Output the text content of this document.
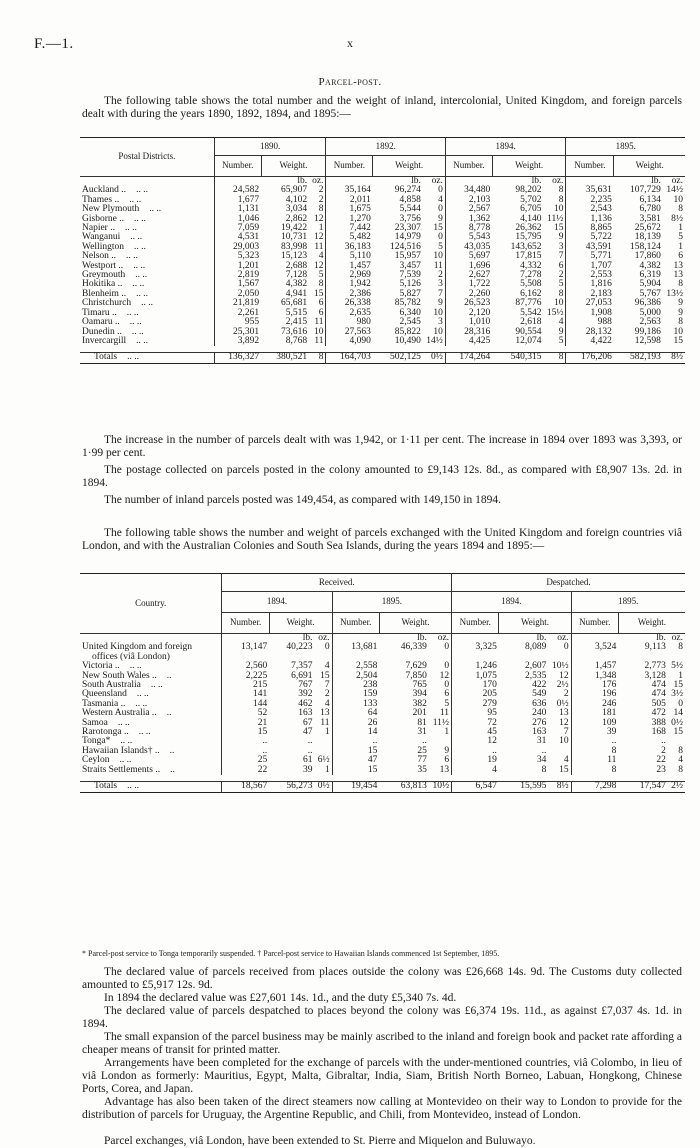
F.—1.	x
Parcel-post.
The following table shows the total number and the weight of inland, intercolonial, United Kingdom, and foreign parcels dealt with during the years 1890, 1892, 1894, and 1895:—
Postal Districts.	1890.			1892.			1894.			1895.		
	Number.	Weight.		Number.	Weight.		Number.	Weight.		Number.	Weight.	
		lb.	oz.		lb.	oz.		lb.	oz.		lb.	oz.
Auckland .. .. ..	24,582	65,907	2	35,164	96,274	0	34,480	98,202	8	35,631	107,729	14½
Thames .. .. ..	1,677	4,102	2	2,011	4,858	4	2,103	5,702	8	2,235	6,134	10
New Plymouth .. ..	1,131	3,034	8	1,675	5,544	0	2,567	6,705	10	2,543	6,780	8
Gisborne .. .. ..	1,046	2,862	12	1,270	3,756	9	1,362	4,140	11½	1,136	3,581	8½
Napier .. .. ..	7,059	19,422	1	7,442	23,307	15	8,778	26,362	15	8,865	25,672	1
Wanganui .. ..	4,531	10,731	12	5,482	14,979	0	5,543	15,795	9	5,722	18,139	5
Wellington .. ..	29,003	83,998	11	36,183	124,516	5	43,035	143,652	3	43,591	158,124	1
Nelson .. .. ..	5,323	15,123	4	5,110	15,957	10	5,697	17,815	7	5,771	17,860	6
Westport .. .. ..	1,201	2,688	12	1,457	3,457	11	1,696	4,332	6	1,707	4,382	13
Greymouth .. ..	2,819	7,128	5	2,969	7,539	2	2,627	7,278	2	2,553	6,319	13
Hokitika .. .. ..	1,567	4,382	8	1,942	5,126	3	1,722	5,508	5	1,816	5,904	8
Blenheim .. .. ..	2,050	4,941	15	2,386	5,827	7	2,260	6,162	8	2,183	5,767	13½
Christchurch .. ..	21,819	65,681	6	26,338	85,782	9	26,523	87,776	10	27,053	96,386	9
Timaru .. .. ..	2,261	5,515	6	2,635	6,340	10	2,120	5,542	15½	1,908	5,000	9
Oamaru .. .. ..	955	2,415	11	980	2,545	3	1,010	2,618	4	988	2,563	8
Dunedin .. .. ..	25,301	73,616	10	27,563	85,822	10	28,316	90,554	9	28,132	99,186	10
Invercargill .. ..	3,892	8,768	11	4,090	10,490	14½	4,425	12,074	5	4,422	12,598	15

Totals .. ..	136,327	380,521	8	164,703	502,125	0½	174,264	540,315	8	176,206	582,193	8½
The increase in the number of parcels dealt with was 1,942, or 1·11 per cent. The increase in 1894 over 1893 was 3,393, or 1·99 per cent.
The postage collected on parcels posted in the colony amounted to £9,143 12s. 8d., as compared with £8,907 13s. 2d. in 1894.
The number of inland parcels posted was 149,454, as compared with 149,150 in 1894.
The following table shows the number and weight of parcels exchanged with the United Kingdom and foreign countries viâ London, and with the Australian Colonies and South Sea Islands, during the years 1894 and 1895:—
Country.	Received.						Despatched.					
	1894.			1895.			1894.			1895.		
	Number.	Weight.		Number.	Weight.		Number.	Weight.		Number.	Weight.	
		lb.	oz.		lb.	oz.		lb.	oz.		lb.	oz.
United Kingdom and foreign
offices (viâ London)	13,147	40,223	0	13,681	46,339	0	3,325	8,089	0	3,524	9,113	8
Victoria .. .. ..	2,560	7,357	4	2,558	7,629	0	1,246	2,607	10½	1,457	2,773	5½
New South Wales .. ..	2,225	6,691	15	2,504	7,850	12	1,075	2,535	12	1,348	3,128	1
South Australia .. ..	215	767	7	238	765	0	170	422	2½	176	474	15
Queensland .. ..	141	392	2	159	394	6	205	549	2	196	474	3½
Tasmania .. .. ..	144	462	4	133	382	5	279	636	0½	246	505	0
Western Australia .. ..	52	163	13	64	201	11	95	240	13	181	472	14
Samoa .. ..	21	67	11	26	81	11½	72	276	12	109	388	0½
Rarotonga .. .. ..	15	47	1	14	31	1	45	163	7	39	168	15
Tonga* .. ..	..	..		..	..		12	31	10	..	..	
Hawaiian Islands† .. ..	..	..		15	25	9	..	..		8	2	8
Ceylon .. ..	25	61	6½	47	77	6	19	34	4	11	22	4
Straits Settlements .. ..	22	39	1	15	35	13	4	8	15	8	23	8

Totals .. ..	18,567	56,273	0½	19,454	63,813	10½	6,547	15,595	8½	7,298	17,547	2½
* Parcel-post service to Tonga temporarily suspended. † Parcel-post service to Hawaiian Islands commenced 1st September, 1895.
The declared value of parcels received from places outside the colony was £26,668 14s. 9d. The Customs duty collected amounted to £5,917 12s. 9d.
In 1894 the declared value was £27,601 14s. 1d., and the duty £5,340 7s. 4d.
The declared value of parcels despatched to places beyond the colony was £6,374 19s. 11d., as against £7,037 4s. 1d. in 1894.
The small expansion of the parcel business may be mainly ascribed to the inland and foreign book and packet rate affording a cheaper means of transit for printed matter.
Arrangements have been completed for the exchange of parcels with the under-mentioned countries, viâ Colombo, in lieu of viâ London as formerly: Mauritius, Egypt, Malta, Gibraltar, India, Siam, British North Borneo, Labuan, Hongkong, Chinese Ports, Corea, and Japan.
Advantage has also been taken of the direct steamers now calling at Montevideo on their way to London to provide for the distribution of parcels for Uruguay, the Argentine Republic, and Chili, from Montevideo, instead of London.
Parcel exchanges, viâ London, have been extended to St. Pierre and Miquelon and Buluwayo.
